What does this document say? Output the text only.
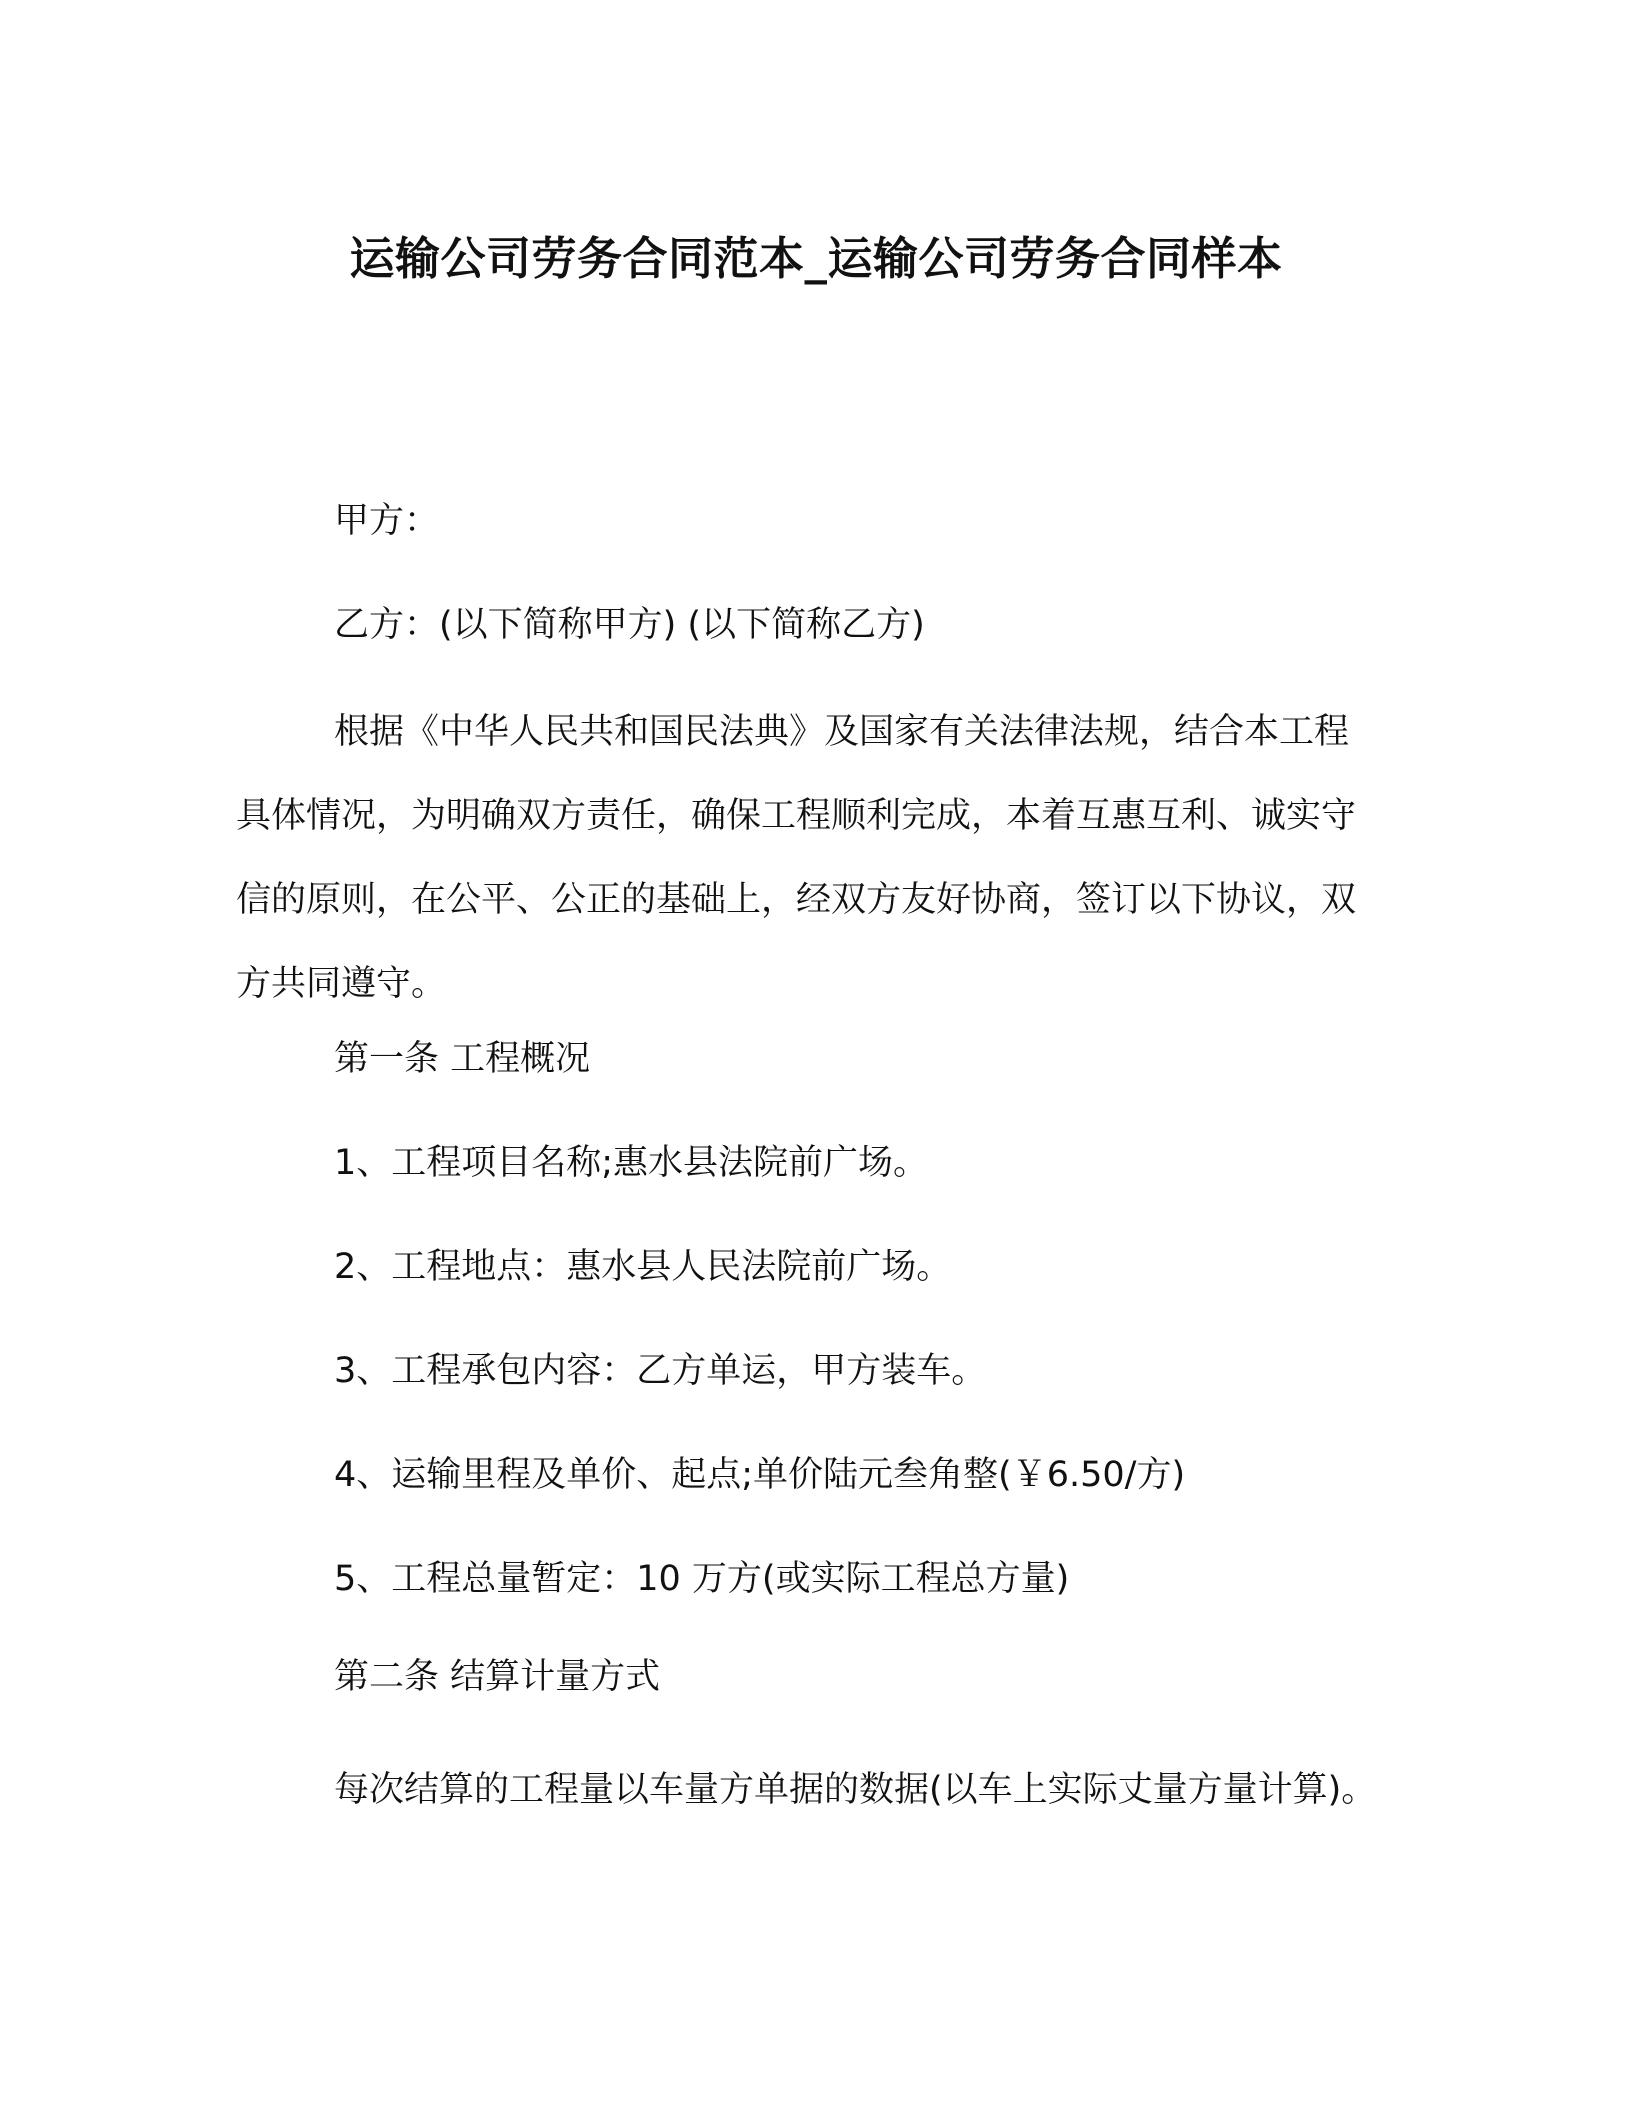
运输公司劳务合同范本_运输公司劳务合同样本

甲方：

乙方：(以下简称甲方) (以下简称乙方)

根据《中华人民共和国民法典》及国家有关法律法规，结合本工程具体情况，为明确双方责任，确保工程顺利完成，本着互惠互利、诚实守信的原则，在公平、公正的基础上，经双方友好协商，签订以下协议，双方共同遵守。

第一条 工程概况

1、工程项目名称;惠水县法院前广场。

2、工程地点：惠水县人民法院前广场。

3、工程承包内容：乙方单运，甲方装车。

4、运输里程及单价、起点;单价陆元叁角整(￥6.50/方)

5、工程总量暂定：10 万方(或实际工程总方量)

第二条 结算计量方式

每次结算的工程量以车量方单据的数据(以车上实际丈量方量计算)。
